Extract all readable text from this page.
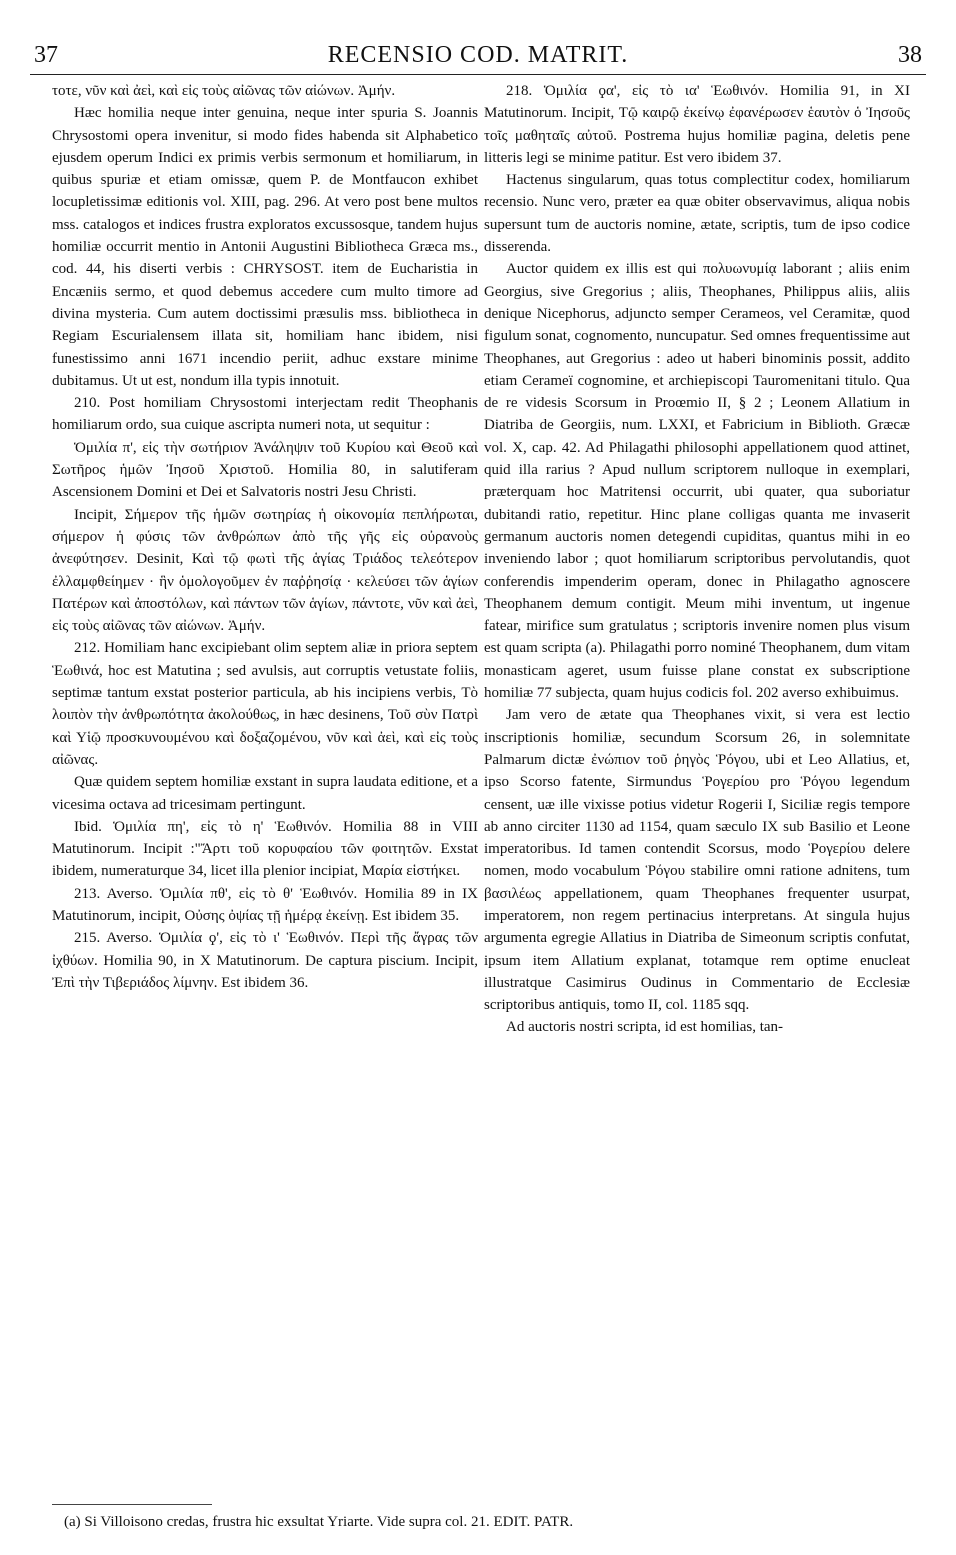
37	RECENSIO COD. MATRIT.	38

τοτε, νῦν καὶ ἀεὶ, καὶ εἰς τοὺς αἰῶνας τῶν αἰώνων. Ἀμήν.

Hæc homilia neque inter genuina, neque inter spuria S. Joannis Chrysostomi opera invenitur, si modo fides habenda sit Alphabetico ejusdem operum Indici ex primis verbis sermonum et homiliarum, in quibus spuriæ et etiam omissæ, quem P. de Montfaucon exhibet locupletissimæ editionis vol. XIII, pag. 296. At vero post bene multos mss. catalogos et indices frustra exploratos excussosque, tandem hujus homiliæ occurrit mentio in Antonii Augustini Bibliotheca Græca ms., cod. 44, his diserti verbis : CHRYSOST. item de Eucharistia in Encæniis sermo, et quod debemus accedere cum multo timore ad divina mysteria. Cum autem doctissimi præsulis mss. bibliotheca in Regiam Escurialensem illata sit, homiliam hanc ibidem, nisi funestissimo anni 1671 incendio periit, adhuc exstare minime dubitamus. Ut ut est, nondum illa typis innotuit.

210. Post homiliam Chrysostomi interjectam redit Theophanis homiliarum ordo, sua cuique ascripta numeri nota, ut sequitur :

Ὁμιλία π', εἰς τὴν σωτήριον Ἀνάληψιν τοῦ Κυρίου καὶ Θεοῦ καὶ Σωτῆρος ἡμῶν Ἰησοῦ Χριστοῦ. Homilia 80, in salutiferam Ascensionem Domini et Dei et Salvatoris nostri Jesu Christi.

Incipit, Σήμερον τῆς ἡμῶν σωτηρίας ἡ οἰκονομία πεπλήρωται, σήμερον ἡ φύσις τῶν ἀνθρώπων ἀπὸ τῆς γῆς εἰς οὐρανοὺς ἀνεφύτησεν. Desinit, Καὶ τῷ φωτὶ τῆς ἁγίας Τριάδος τελεότερον ἐλλαμφθείημεν · ἣν ὁμολογοῦμεν ἐν παῤῥησίᾳ · κελεύσει τῶν ἁγίων Πατέρων καὶ ἀποστόλων, καὶ πάντων τῶν ἁγίων, πάντοτε, νῦν καὶ ἀεὶ, εἰς τοὺς αἰῶνας τῶν αἰώνων. Ἀμήν.

212. Homiliam hanc excipiebant olim septem aliæ in priora septem Ἑωθινά, hoc est Matutina ; sed avulsis, aut corruptis vetustate foliis, septimæ tantum exstat posterior particula, ab his incipiens verbis, Τὸ λοιπὸν τὴν ἀνθρωπότητα ἀκολούθως, in hæc desinens, Τοῦ σὺν Πατρὶ καὶ Υἱῷ προσκυνουμένου καὶ δοξαζομένου, νῦν καὶ ἀεὶ, καὶ εἰς τοὺς αἰῶνας.

Quæ quidem septem homiliæ exstant in supra laudata editione, et a vicesima octava ad tricesimam pertingunt.

Ibid. Ὁμιλία πη', εἰς τὸ η' Ἑωθινόν. Homilia 88 in VIII Matutinorum. Incipit :"Ἄρτι τοῦ κορυφαίου τῶν φοιτητῶν. Exstat ibidem, numeraturque 34, licet illa plenior incipiat, Μαρία εἱστήκει.

213. Averso. Ὁμιλία πθ', εἰς τὸ θ' Ἑωθινόν. Homilia 89 in IX Matutinorum, incipit, Οὐσης ὀψίας τῇ ἡμέρᾳ ἐκείνῃ. Est ibidem 35.

215. Averso. Ὁμιλία ϙ', εἰς τὸ ι' Ἑωθινόν. Περὶ τῆς ἄγρας τῶν ἰχθύων. Homilia 90, in X Matutinorum. De captura piscium. Incipit, Ἐπὶ τὴν Τιβεριάδος λίμνην. Est ibidem 36.

218. Ὁμιλία ϙα', εἰς τὸ ια' Ἑωθινόν. Homilia 91, in XI Matutinorum. Incipit, Τῷ καιρῷ ἐκείνῳ ἐφανέρωσεν ἑαυτὸν ὁ Ἰησοῦς τοῖς μαθηταῖς αὐτοῦ. Postrema hujus homiliæ pagina, deletis pene litteris legi se minime patitur. Est vero ibidem 37.

Hactenus singularum, quas totus complectitur codex, homiliarum recensio. Nunc vero, præter ea quæ obiter observavimus, aliqua nobis supersunt tum de auctoris nomine, ætate, scriptis, tum de ipso codice disserenda.

Auctor quidem ex illis est qui πολυωνυμίᾳ laborant ; aliis enim Georgius, sive Gregorius ; aliis, Theophanes, Philippus aliis, aliis denique Nicephorus, adjuncto semper Cerameos, vel Ceramitæ, quod figulum sonat, cognomento, nuncupatur. Sed omnes frequentissime aut Theophanes, aut Gregorius : adeo ut haberi binominis possit, addito etiam Cerameï cognomine, et archiepiscopi Tauromenitani titulo. Qua de re videsis Scorsum in Proœmio II, § 2 ; Leonem Allatium in Diatriba de Georgiis, num. LXXI, et Fabricium in Biblioth. Græcæ vol. X, cap. 42. Ad Philagathi philosophi appellationem quod attinet, quid illa rarius ? Apud nullum scriptorem nulloque in exemplari, præterquam hoc Matritensi occurrit, ubi quater, qua suboriatur dubitandi ratio, repetitur. Hinc plane colligas quanta me invaserit germanum auctoris nomen detegendi cupiditas, quantus mihi in eo inveniendo labor ; quot homiliarum scriptoribus pervolutandis, quot conferendis impenderim operam, donec in Philagatho agnoscere Theophanem demum contigit. Meum mihi inventum, ut ingenue fatear, mirifice sum gratulatus ; scriptoris invenire nomen plus visum est quam scripta (a). Philagathi porro nominé Theophanem, dum vitam monasticam ageret, usum fuisse plane constat ex subscriptione homiliæ 77 subjecta, quam hujus codicis fol. 202 averso exhibuimus.

Jam vero de ætate qua Theophanes vixit, si vera est lectio inscriptionis homiliæ, secundum Scorsum 26, in solemnitate Palmarum dictæ ἐνώπιον τοῦ ῥηγὸς Ῥόγου, ubi et Leo Allatius, et, ipso Scorso fatente, Sirmundus Ῥογερίου pro Ῥόγου legendum censent, uæ ille vixisse potius videtur Rogerii I, Siciliæ regis tempore ab anno circiter 1130 ad 1154, quam sæculo IX sub Basilio et Leone imperatoribus. Id tamen contendit Scorsus, modo Ῥογερίου delere nomen, modo vocabulum Ῥόγου stabilire omni ratione adnitens, tum βασιλέως appellationem, quam Theophanes frequenter usurpat, imperatorem, non regem pertinacius interpretans. At singula hujus argumenta egregie Allatius in Diatriba de Simeonum scriptis confutat, ipsum item Allatium explanat, totamque rem optime enucleat illustratque Casimirus Oudinus in Commentario de Ecclesiæ scriptoribus antiquis, tomo II, col. 1185 sqq.

Ad auctoris nostri scripta, id est homilias, tan-

(a) Si Villoisono credas, frustra hic exsultat Yriarte. Vide supra col. 21. EDIT. PATR.
